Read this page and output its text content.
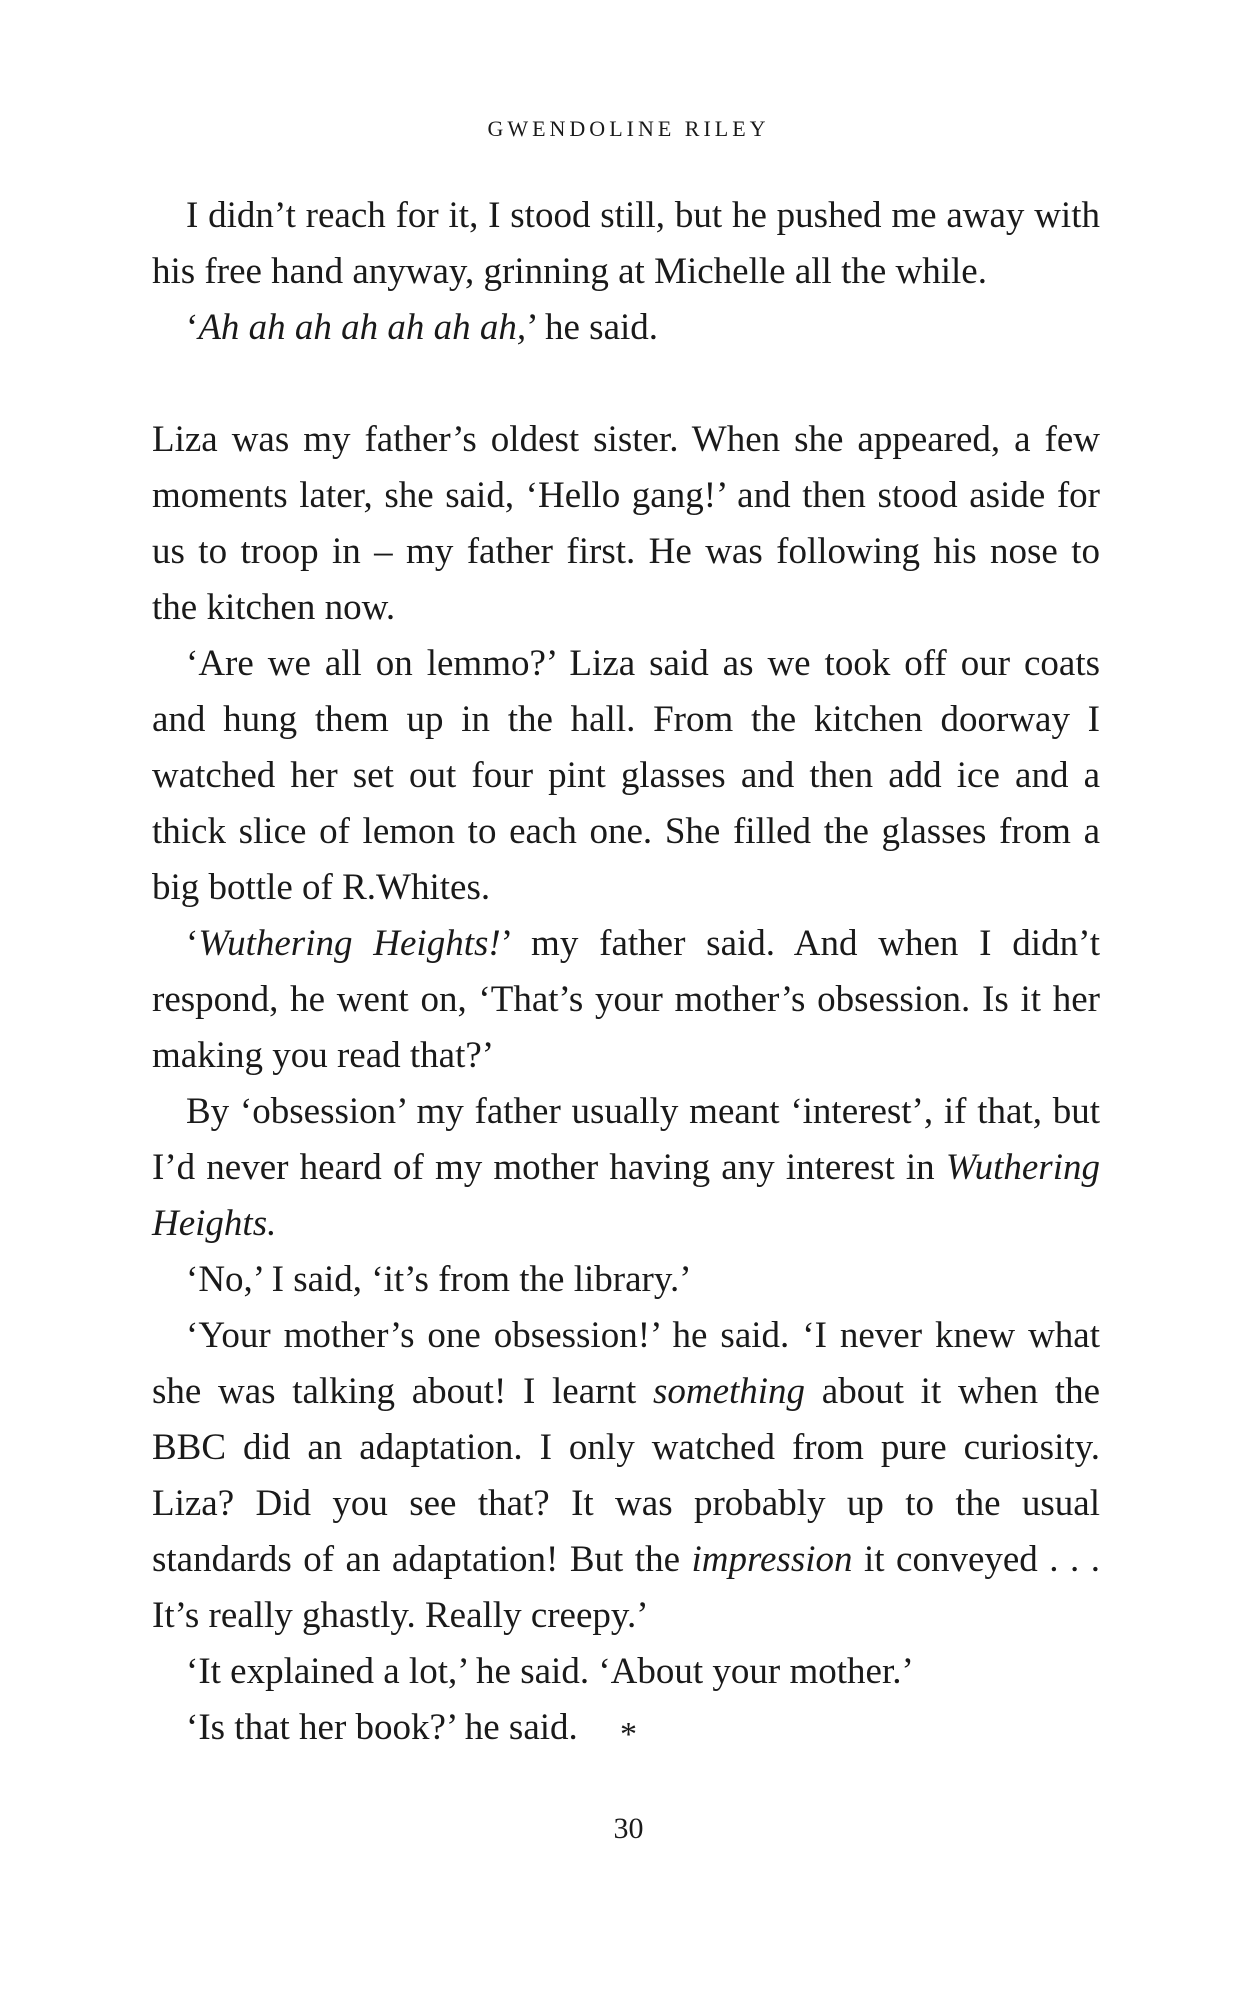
GWENDOLINE RILEY

I didn’t reach for it, I stood still, but he pushed me away with his free hand anyway, grinning at Michelle all the while.

‘Ah ah ah ah ah ah ah,’ he said.

Liza was my father’s oldest sister. When she appeared, a few moments later, she said, ‘Hello gang!’ and then stood aside for us to troop in – my father first. He was following his nose to the kitchen now.

‘Are we all on lemmo?’ Liza said as we took off our coats and hung them up in the hall. From the kitchen doorway I watched her set out four pint glasses and then add ice and a thick slice of lemon to each one. She filled the glasses from a big bottle of R.Whites.

‘Wuthering Heights!’ my father said. And when I didn’t respond, he went on, ‘That’s your mother’s obsession. Is it her making you read that?’

By ‘obsession’ my father usually meant ‘interest’, if that, but I’d never heard of my mother having any interest in Wuthering Heights.

‘No,’ I said, ‘it’s from the library.’

‘Your mother’s one obsession!’ he said. ‘I never knew what she was talking about! I learnt something about it when the BBC did an adaptation. I only watched from pure curiosity. Liza? Did you see that? It was probably up to the usual standards of an adaptation! But the impression it conveyed . . . It’s really ghastly. Really creepy.’

‘It explained a lot,’ he said. ‘About your mother.’

‘Is that her book?’ he said.	*
30
